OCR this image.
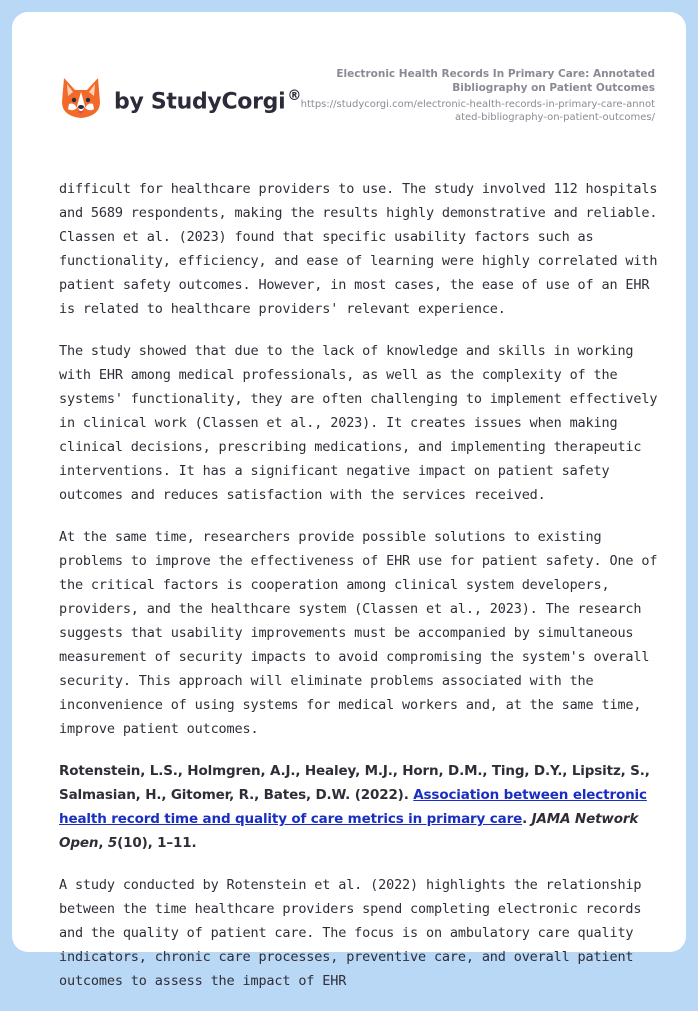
by StudyCorgi ®
Electronic Health Records In Primary Care: Annotated Bibliography on Patient Outcomes
https://studycorgi.com/electronic-health-records-in-primary-care-annotated-bibliography-on-patient-outcomes/

difficult for healthcare providers to use. The study involved 112 hospitals and 5689 respondents, making the results highly demonstrative and reliable. Classen et al. (2023) found that specific usability factors such as functionality, efficiency, and ease of learning were highly correlated with patient safety outcomes. However, in most cases, the ease of use of an EHR is related to healthcare providers' relevant experience.

The study showed that due to the lack of knowledge and skills in working with EHR among medical professionals, as well as the complexity of the systems' functionality, they are often challenging to implement effectively in clinical work (Classen et al., 2023). It creates issues when making clinical decisions, prescribing medications, and implementing therapeutic interventions. It has a significant negative impact on patient safety outcomes and reduces satisfaction with the services received.

At the same time, researchers provide possible solutions to existing problems to improve the effectiveness of EHR use for patient safety. One of the critical factors is cooperation among clinical system developers, providers, and the healthcare system (Classen et al., 2023). The research suggests that usability improvements must be accompanied by simultaneous measurement of security impacts to avoid compromising the system's overall security. This approach will eliminate problems associated with the inconvenience of using systems for medical workers and, at the same time, improve patient outcomes.

Rotenstein, L.S., Holmgren, A.J., Healey, M.J., Horn, D.M., Ting, D.Y., Lipsitz, S., Salmasian, H., Gitomer, R., Bates, D.W. (2022). Association between electronic health record time and quality of care metrics in primary care. JAMA Network Open, 5(10), 1–11.

A study conducted by Rotenstein et al. (2022) highlights the relationship between the time healthcare providers spend completing electronic records and the quality of patient care. The focus is on ambulatory care quality indicators, chronic care processes, preventive care, and overall patient outcomes to assess the impact of EHR
